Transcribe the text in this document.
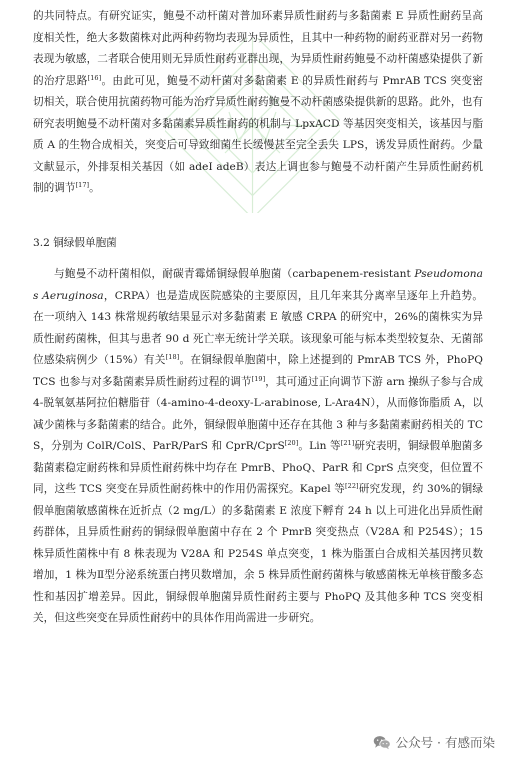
的共同特点。有研究证实，鲍曼不动杆菌对普加环素异质性耐药与多黏菌素 E 异质性耐药呈高度相关性，绝大多数菌株对此两种药物均表现为异质性，且其中一种药物的耐药亚群对另一药物表现为敏感，二者联合使用则无异质性耐药亚群出现，为异质性耐药鲍曼不动杆菌感染提供了新的治疗思路[16]。由此可见，鲍曼不动杆菌对多黏菌素 E 的异质性耐药与 PmrAB TCS 突变密切相关，联合使用抗菌药物可能为治疗异质性耐药鲍曼不动杆菌感染提供新的思路。此外，也有研究表明鲍曼不动杆菌对多黏菌素异质性耐药的机制与 LpxACD 等基因突变相关，该基因与脂质 A 的生物合成相关，突变后可导致细菌生长缓慢甚至完全丢失 LPS，诱发异质性耐药。少量文献显示，外排泵相关基因（如 adeI adeB）表达上调也参与鲍曼不动杆菌产生异质性耐药机制的调节[17]。

3.2 铜绿假单胞菌

与鲍曼不动杆菌相似，耐碳青霉烯铜绿假单胞菌（carbapenem-resistant Pseudomonas Aeruginosa，CRPA）也是造成医院感染的主要原因，且几年来其分离率呈逐年上升趋势。在一项纳入 143 株常规药敏结果显示对多黏菌素 E 敏感 CRPA 的研究中，26%的菌株实为异质性耐药菌株，但其与患者 90 d 死亡率无统计学关联。该现象可能与标本类型较复杂、无菌部位感染病例少（15%）有关[18]。在铜绿假单胞菌中，除上述提到的 PmrAB TCS 外，PhoPQ TCS 也参与对多黏菌素异质性耐药过程的调节[19]，其可通过正向调节下游 arn 操纵子参与合成 4-脱氧氨基阿拉伯糖脂苷（4-amino-4-deoxy-L-arabinose, L-Ara4N），从而修饰脂质 A，以减少菌株与多黏菌素的结合。此外，铜绿假单胞菌中还存在其他 3 种与多黏菌素耐药相关的 TCS，分别为 ColR/ColS、ParR/ParS 和 CprR/CprS[20]。Lin 等[21]研究表明，铜绿假单胞菌多黏菌素稳定耐药株和异质性耐药株中均存在 PmrB、PhoQ、ParR 和 CprS 点突变，但位置不同，这些 TCS 突变在异质性耐药株中的作用仍需探究。Kapel 等[22]研究发现，约 30%的铜绿假单胞菌敏感菌株在近折点（2 mg/L）的多黏菌素 E 浓度下孵育 24 h 以上可进化出异质性耐药群体，且异质性耐药的铜绿假单胞菌中存在 2 个 PmrB 突变热点（V28A 和 P254S）；15 株异质性菌株中有 8 株表现为 V28A 和 P254S 单点突变，1 株为脂蛋白合成相关基因拷贝数增加，1 株为Ⅱ型分泌系统蛋白拷贝数增加，余 5 株异质性耐药菌株与敏感菌株无单核苷酸多态性和基因扩增差异。因此，铜绿假单胞菌异质性耐药主要与 PhoPQ 及其他多种 TCS 突变相关，但这些突变在异质性耐药中的具体作用尚需进一步研究。

公众号 · 有感而染
